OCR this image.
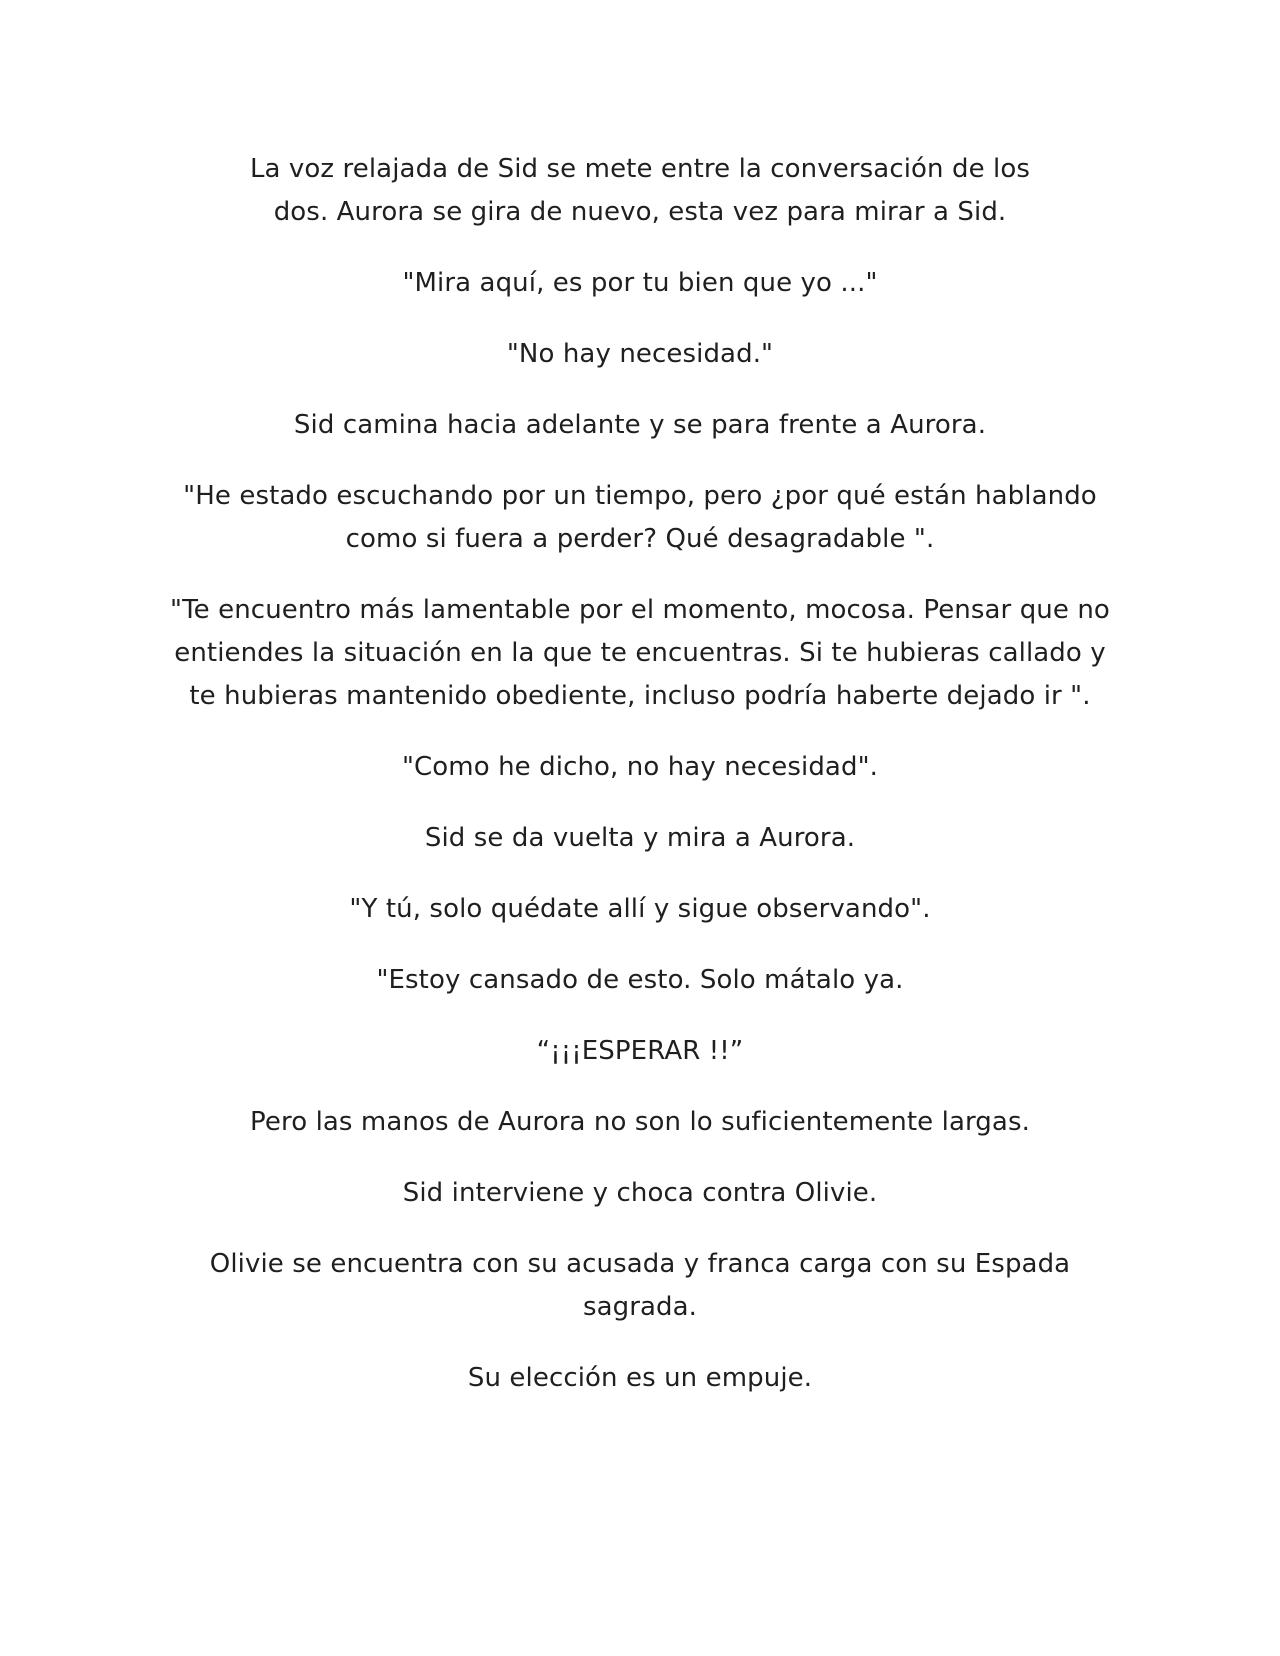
La voz relajada de Sid se mete entre la conversación de los
dos. Aurora se gira de nuevo, esta vez para mirar a Sid.

"Mira aquí, es por tu bien que yo ..."

"No hay necesidad."

Sid camina hacia adelante y se para frente a Aurora.

"He estado escuchando por un tiempo, pero ¿por qué están hablando
como si fuera a perder? Qué desagradable ".

"Te encuentro más lamentable por el momento, mocosa. Pensar que no
entiendes la situación en la que te encuentras. Si te hubieras callado y
te hubieras mantenido obediente, incluso podría haberte dejado ir ".

"Como he dicho, no hay necesidad".

Sid se da vuelta y mira a Aurora.

"Y tú, solo quédate allí y sigue observando".

"Estoy cansado de esto. Solo mátalo ya.

“¡¡¡ESPERAR !!”

Pero las manos de Aurora no son lo suficientemente largas.

Sid interviene y choca contra Olivie.

Olivie se encuentra con su acusada y franca carga con su Espada
sagrada.

Su elección es un empuje.
